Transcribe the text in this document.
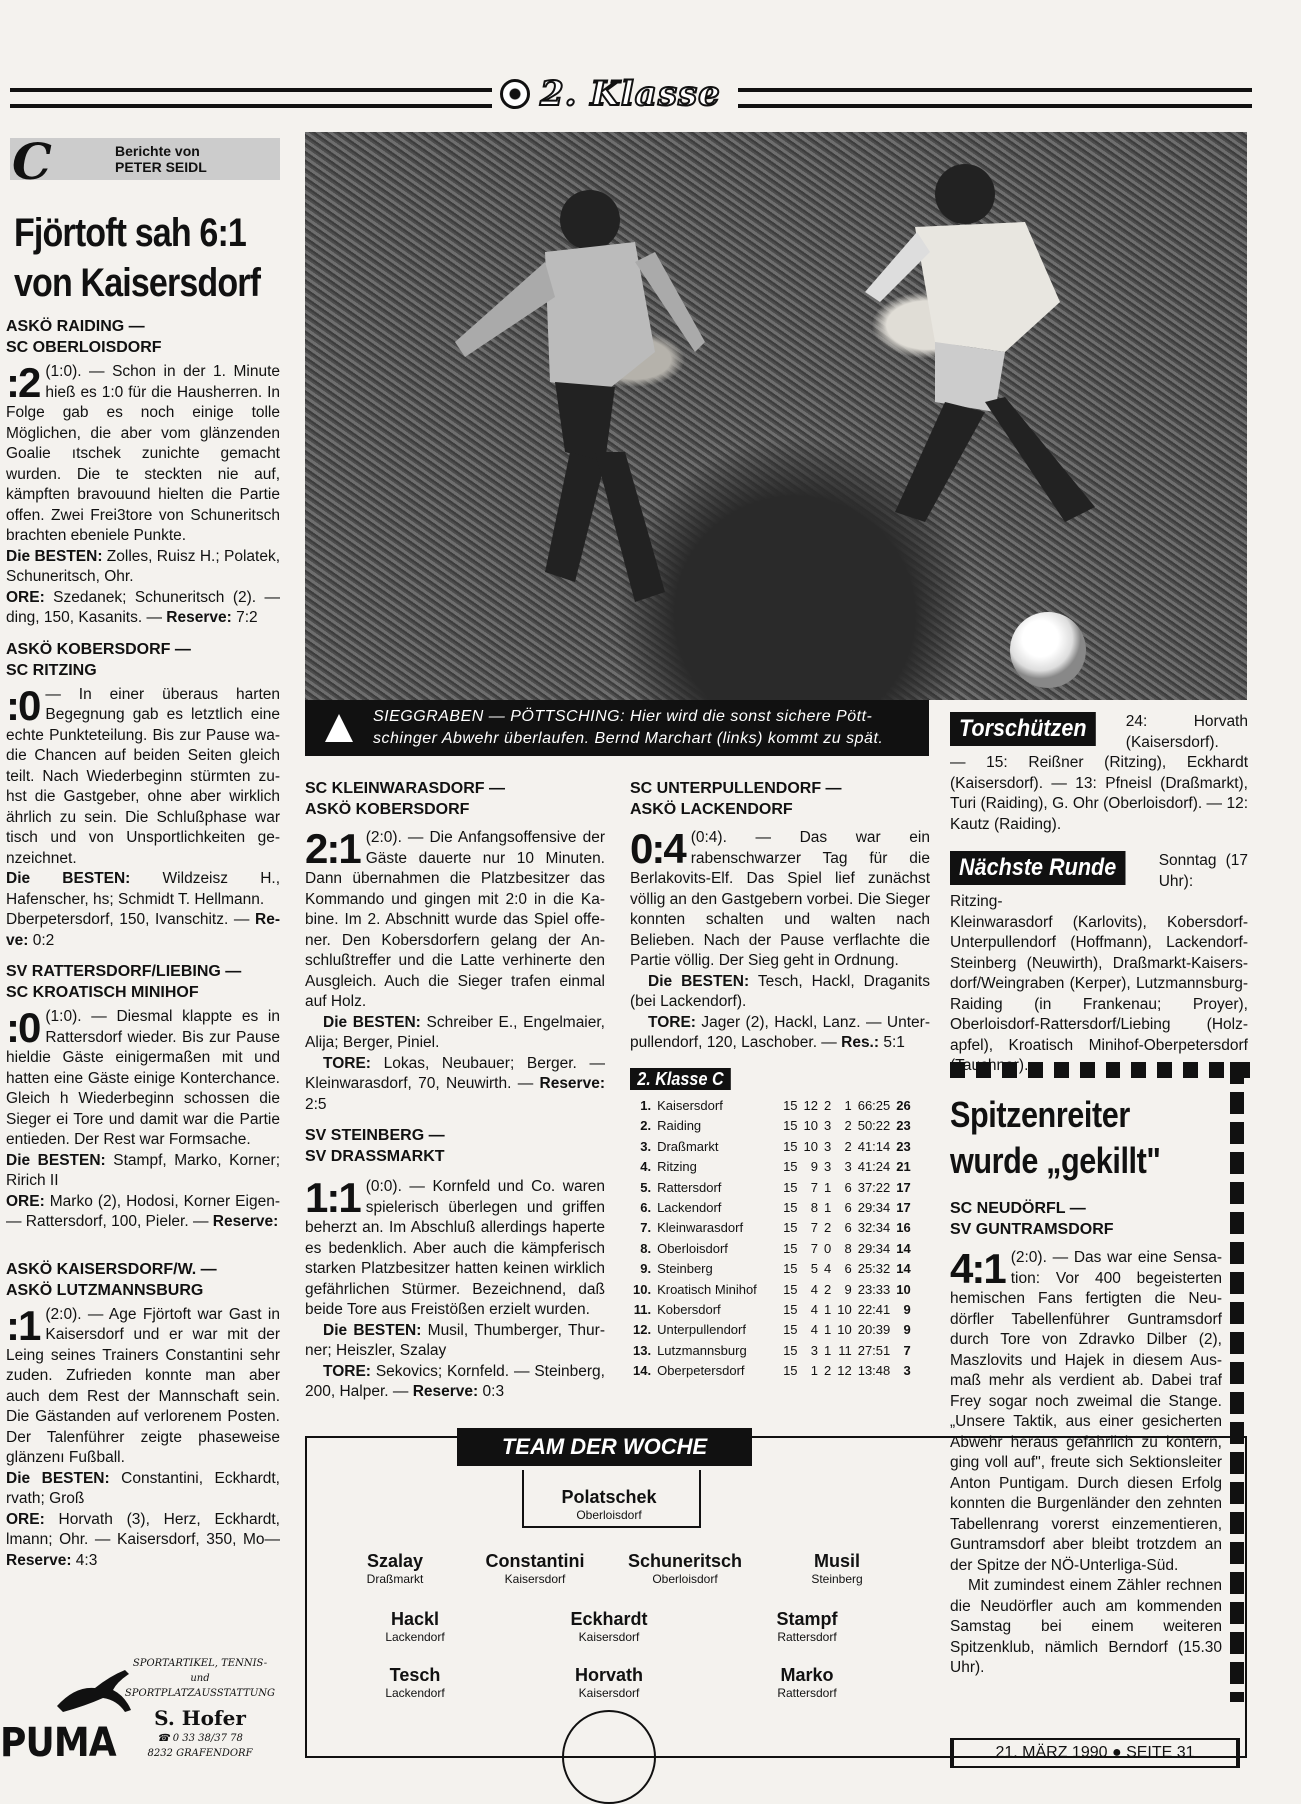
2. Klasse
C	Berichte von
PETER SEIDL
Fjörtoft sah 6:1
von Kaisersdorf

ASKÖ RAIDING —

SC OBERLOISDORF

:2 (1:0). — Schon in der 1. Minute hieß es 1:0 für die Hausherren. In Folge gab es noch einige tolle Möglichen, die aber vom glänzenden Goalie ıtschek zunichte gemacht wurden. Die te steckten nie auf, kämpften bravouund hielten die Partie offen. Zwei Frei3tore von Schuneritsch brachten ebeniele Punkte.

Die BESTEN: Zolles, Ruisz H.; Polatek, Schuneritsch, Ohr.

ORE: Szedanek; Schuneritsch (2). — ding, 150, Kasanits. — Reserve: 7:2

ASKÖ KOBERSDORF —

SC RITZING

:0 — In einer überaus harten Begegnung gab es letztlich eine echte Punkteteilung. Bis zur Pause wadie Chancen auf beiden Seiten gleich teilt. Nach Wiederbeginn stürmten zuhst die Gastgeber, ohne aber wirklich ährlich zu sein. Die Schlußphase war tisch und von Unsportlichkeiten genzeichnet.

Die BESTEN: Wildzeisz H., Hafenscher, hs; Schmidt T. Hellmann.

Dberpetersdorf, 150, Ivanschitz. — Reve: 0:2

SV RATTERSDORF/LIEBING —

SC KROATISCH MINIHOF

:0 (1:0). — Diesmal klappte es in Rattersdorf wieder. Bis zur Pause hieldie Gäste einigermaßen mit und hatten eine Gäste einige Konterchance. Gleich h Wiederbeginn schossen die Sieger ei Tore und damit war die Partie entieden. Der Rest war Formsache.

Die BESTEN: Stampf, Marko, Korner; Ririch II

ORE: Marko (2), Hodosi, Korner Eigen— Rattersdorf, 100, Pieler. — Reserve:

ASKÖ KAISERSDORF/W. —

ASKÖ LUTZMANNSBURG

:1 (2:0). — Age Fjörtoft war Gast in Kaisersdorf und er war mit der Leing seines Trainers Constantini sehr zuden. Zufrieden konnte man aber auch dem Rest der Mannschaft sein. Die Gästanden auf verlorenem Posten. Der Talenführer zeigte phaseweise glänzenı Fußball.

Die BESTEN: Constantini, Eckhardt, rvath; Groß

ORE: Horvath (3), Herz, Eckhardt, lmann; Ohr. — Kaisersdorf, 350, Mo— Reserve: 4:3

SIEGGRABEN — PÖTTSCHING: Hier wird die sonst sichere Pöttschinger Abwehr überlaufen. Bernd Marchart (links) kommt zu spät.

SC KLEINWARASDORF —

ASKÖ KOBERSDORF

2:1 (2:0). — Die Anfangsoffensive der Gäste dauerte nur 10 Minuten. Dann übernahmen die Platzbesitzer das Kommando und gingen mit 2:0 in die Kabine. Im 2. Abschnitt wurde das Spiel offener. Den Kobersdorfern gelang der Anschlußtreffer und die Latte verhinerte den Ausgleich. Auch die Sieger trafen einmal auf Holz.

Die BESTEN: Schreiber E., Engelmaier, Alija; Berger, Piniel.

TORE: Lokas, Neubauer; Berger. — Kleinwarasdorf, 70, Neuwirth. — Reserve: 2:5

SV STEINBERG —

SV DRASSMARKT

1:1 (0:0). — Kornfeld und Co. waren spielerisch überlegen und griffen beherzt an. Im Abschluß allerdings haperte es bedenklich. Aber auch die kämpferisch starken Platzbesitzer hatten keinen wirklich gefährlichen Stürmer. Bezeichnend, daß beide Tore aus Freistößen erzielt wurden.

Die BESTEN: Musil, Thumberger, Thurner; Heiszler, Szalay

TORE: Sekovics; Kornfeld. — Steinberg, 200, Halper. — Reserve: 0:3

SC UNTERPULLENDORF —

ASKÖ LACKENDORF

0:4 (0:4). — Das war ein rabenschwarzer Tag für die Berlakovits-Elf. Das Spiel lief zunächst völlig an den Gastgebern vorbei. Die Sieger konnten schalten und walten nach Belieben. Nach der Pause verflachte die Partie völlig. Der Sieg geht in Ordnung.

Die BESTEN: Tesch, Hackl, Draganits (bei Lackendorf).

TORE: Jager (2), Hackl, Lanz. — Unterpullendorf, 120, Laschober. — Res.: 5:1

2. Klasse C
1.	Kaisersdorf	15	12	2	1	66:25	26
2.	Raiding	15	10	3	2	50:22	23
3.	Draßmarkt	15	10	3	2	41:14	23
4.	Ritzing	15	9	3	3	41:24	21
5.	Rattersdorf	15	7	1	6	37:22	17
6.	Lackendorf	15	8	1	6	29:34	17
7.	Kleinwarasdorf	15	7	2	6	32:34	16
8.	Oberloisdorf	15	7	0	8	29:34	14
9.	Steinberg	15	5	4	6	25:32	14
10.	Kroatisch Minihof	15	4	2	9	23:33	10
11.	Kobersdorf	15	4	1	10	22:41	9
12.	Unterpullendorf	15	4	1	10	20:39	9
13.	Lutzmannsburg	15	3	1	11	27:51	7
14.	Oberpetersdorf	15	1	2	12	13:48	3

Torschützen	24: Horvath (Kaisersdorf).

— 15: Reißner (Ritzing), Eckhardt (Kaisersdorf). — 13: Pfneisl (Draßmarkt), Turi (Raiding), G. Ohr (Oberloisdorf). — 12: Kautz (Raiding).

Nächste Runde	Sonntag (17 Uhr): Ritzing-

Kleinwarasdorf (Karlovits), Kobersdorf-Unterpullendorf (Hoffmann), Lackendorf-Steinberg (Neuwirth), Draßmarkt-Kaisersdorf/Weingraben (Kerper), Lutzmannsburg-Raiding (in Frankenau; Proyer), Oberloisdorf-Rattersdorf/Liebing (Holzapfel), Kroatisch Minihof-Oberpetersdorf

Spitzenreiter
wurde „gekillt"

SC NEUDÖRFL —

SV GUNTRAMSDORF

4:1 (2:0). — Das war eine Sensation: Vor 400 begeisterten hemischen Fans fertigten die Neudörfler Tabellenführer Guntramsdorf durch Tore von Zdravko Dilber (2), Maszlovits und Hajek in diesem Ausmaß mehr als verdient ab. Dabei traf Frey sogar noch zweimal die Stange. „Unsere Taktik, aus einer gesicherten Abwehr heraus gefährlich zu kontern, ging voll auf", freute sich Sektionsleiter Anton Puntigam. Durch diesen Erfolg konnten die Burgenländer den zehnten Tabellenrang vorerst einzementieren, Guntramsdorf aber bleibt trotzdem an der Spitze der NÖ-Unterliga-Süd.

Mit zumindest einem Zähler rechnen die Neudörfler auch am kommenden Samstag bei einem weiteren Spitzenklub, nämlich Berndorf (15.30 Uhr).

TEAM DER WOCHE
Polatschek
Oberloisdorf
Szalay
Draßmarkt
Constantini
Kaisersdorf
Schuneritsch
Oberloisdorf
Musil
Steinberg
Hackl
Lackendorf
Eckhardt
Kaisersdorf
Stampf
Rattersdorf
Tesch
Lackendorf
Horvath
Kaisersdorf
Marko
Rattersdorf
PUMA
SPORTARTIKEL, TENNIS-
und
SPORTPLATZAUSSTATTUNG
S. Hofer
☎ 0 33 38/37 78
8232 GRAFENDORF	21. MÄRZ 1990 ● SEITE 31
